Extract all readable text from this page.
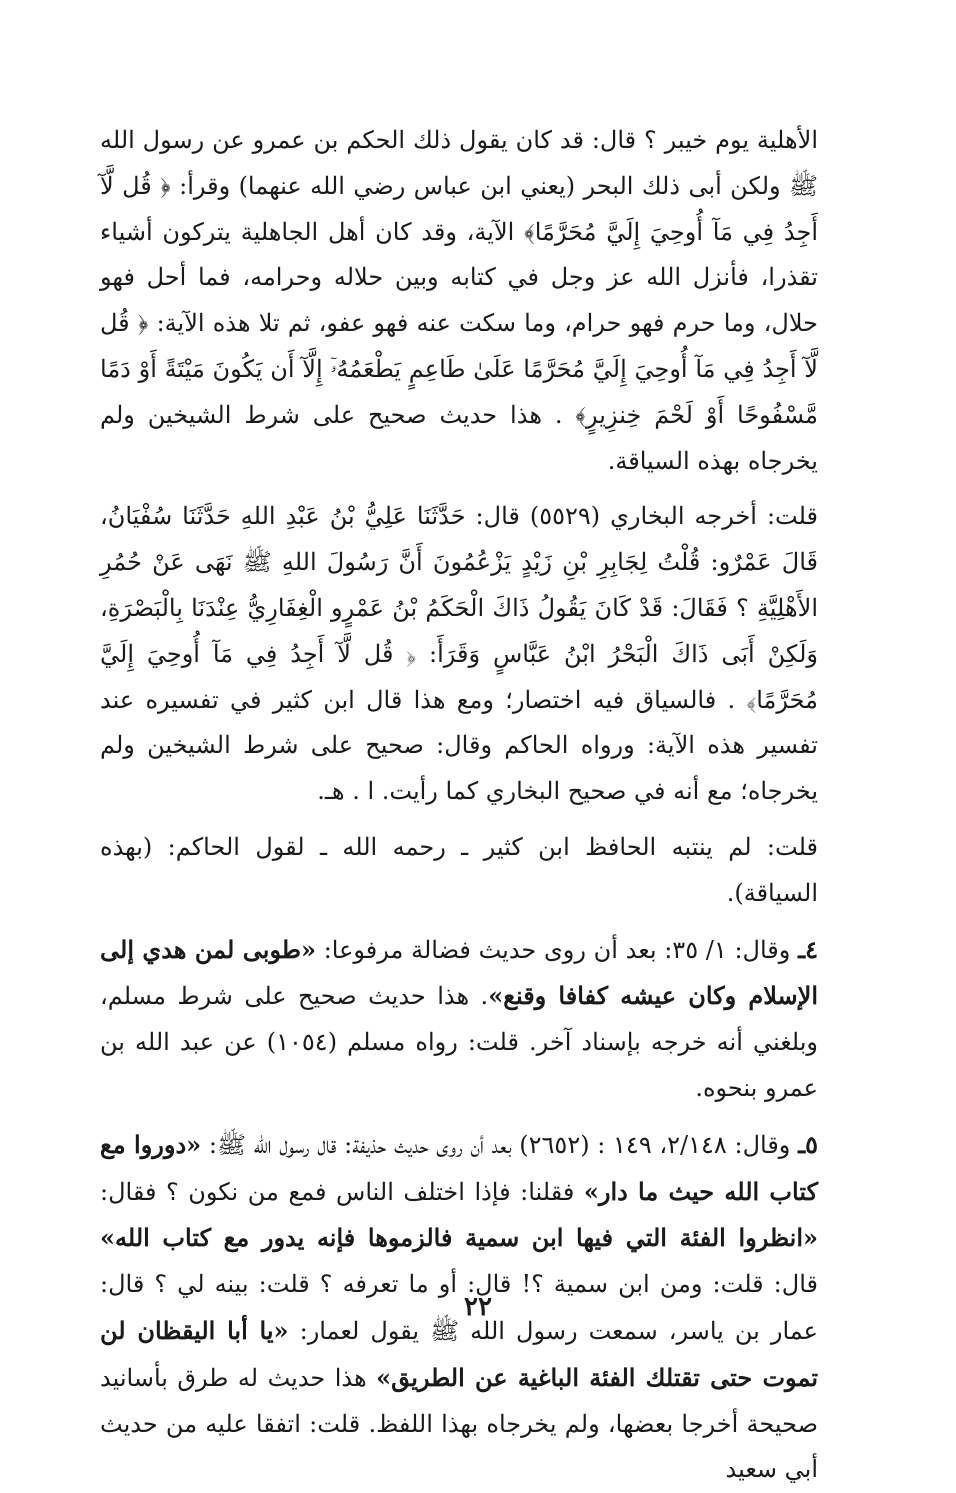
الأهلية يوم خيبر ؟ قال: قد كان يقول ذلك الحكم بن عمرو عن رسول الله ﷺ ولكن أبى ذلك البحر (يعني ابن عباس رضي الله عنهما) وقرأ: ﴿ قُل لَّآ أَجِدُ فِي مَآ أُوحِيَ إِلَيَّ مُحَرَّمًا﴾ الآية، وقد كان أهل الجاهلية يتركون أشياء تقذرا، فأنزل الله عز وجل في كتابه وبين حلاله وحرامه، فما أحل فهو حلال، وما حرم فهو حرام، وما سكت عنه فهو عفو، ثم تلا هذه الآية: ﴿ قُل لَّآ أَجِدُ فِي مَآ أُوحِيَ إِلَيَّ مُحَرَّمًا عَلَىٰ طَاعِمٍ يَطْعَمُهُۥٓ إِلَّآ أَن يَكُونَ مَيْتَةً أَوْ دَمًا مَّسْفُوحًا أَوْ لَحْمَ خِنزِيرٍ﴾ . هذا حديث صحيح على شرط الشيخين ولم يخرجاه بهذه السياقة.

قلت: أخرجه البخاري (٥٥٢٩) قال: حَدَّثَنَا عَلِيُّ بْنُ عَبْدِ اللهِ حَدَّثَنَا سُفْيَانُ، قَالَ عَمْرٌو: قُلْتُ لِجَابِرِ بْنِ زَيْدٍ يَزْعُمُونَ أَنَّ رَسُولَ اللهِ ﷺ نَهَى عَنْ حُمُرِ الأَهْلِيَّةِ ؟ فَقَالَ: قَدْ كَانَ يَقُولُ ذَاكَ الْحَكَمُ بْنُ عَمْرٍو الْغِفَارِيُّ عِنْدَنَا بِالْبَصْرَةِ، وَلَكِنْ أَبَى ذَاكَ الْبَحْرُ ابْنُ عَبَّاسٍ وَقَرَأَ: ﴿ قُل لَّآ أَجِدُ فِي مَآ أُوحِيَ إِلَيَّ مُحَرَّمًا﴾ . فالسياق فيه اختصار؛ ومع هذا قال ابن كثير في تفسيره عند تفسير هذه الآية: ورواه الحاكم وقال: صحيح على شرط الشيخين ولم يخرجاه؛ مع أنه في صحيح البخاري كما رأيت. ا . هـ.

قلت: لم ينتبه الحافظ ابن كثير ـ رحمه الله ـ لقول الحاكم: (بهذه السياقة).

٤ـ وقال: ١/ ٣٥: بعد أن روى حديث فضالة مرفوعا: «طوبى لمن هدي إلى الإسلام وكان عيشه كفافا وقنع». هذا حديث صحيح على شرط مسلم، وبلغني أنه خرجه بإسناد آخر. قلت: رواه مسلم (١٠٥٤) عن عبد الله بن عمرو بنحوه.

٥ـ وقال: ٢/١٤٨، ١٤٩ : (٢٦٥٢) بعد أن روى حديث حذيفة: قال رسول الله ﷺ: «دوروا مع كتاب الله حيث ما دار» فقلنا: فإذا اختلف الناس فمع من نكون ؟ فقال: «انظروا الفئة التي فيها ابن سمية فالزموها فإنه يدور مع كتاب الله» قال: قلت: ومن ابن سمية ؟! قال: أو ما تعرفه ؟ قلت: بينه لي ؟ قال: عمار بن ياسر، سمعت رسول الله ﷺ يقول لعمار: «يا أبا اليقظان لن تموت حتى تقتلك الفئة الباغية عن الطريق» هذا حديث له طرق بأسانيد صحيحة أخرجا بعضها، ولم يخرجاه بهذا اللفظ. قلت: اتفقا عليه من حديث أبي سعيد

٢٢
